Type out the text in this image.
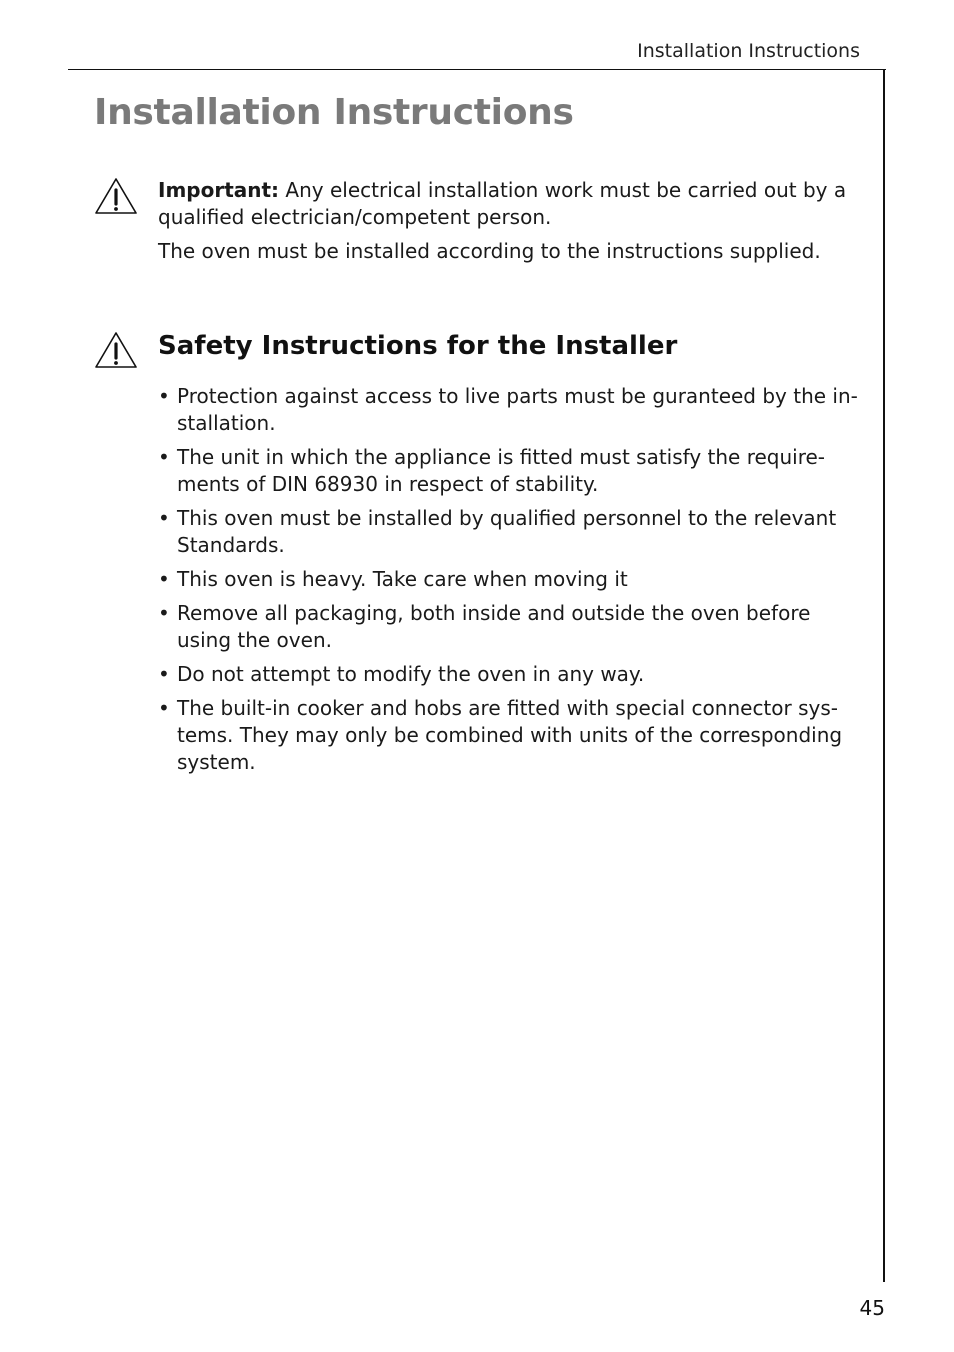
Installation Instructions
Installation Instructions

Important: Any electrical installation work must be carried out by a qualified electrician/competent person.

The oven must be installed according to the instructions supplied.

Safety Instructions for the Installer
• Protection against access to live parts must be guranteed by the in-stallation.
• The unit in which the appliance is fitted must satisfy the require-ments of DIN 68930 in respect of stability.
• This oven must be installed by qualified personnel to the relevant Standards.
• This oven is heavy. Take care when moving it
• Remove all packaging, both inside and outside the oven before using the oven.
• Do not attempt to modify the oven in any way.
• The built-in cooker and hobs are fitted with special connector sys-tems. They may only be combined with units of the corresponding system.
45
